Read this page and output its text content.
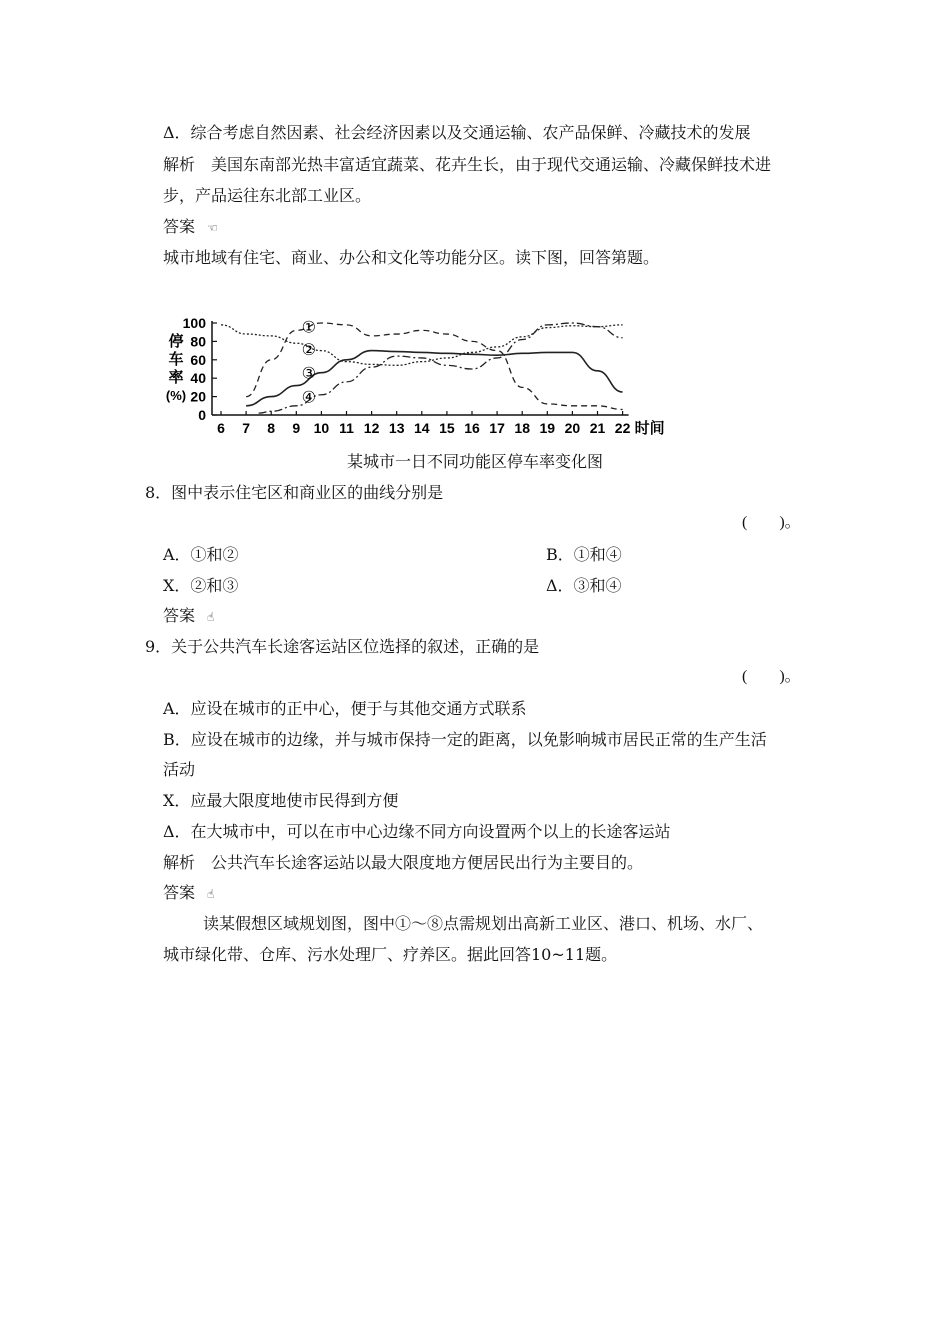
Δ．综合考虑自然因素、社会经济因素以及交通运输、农产品保鲜、冷藏技术的发展
解析　美国东南部光热丰富适宜蔬菜、花卉生长，由于现代交通运输、冷藏保鲜技术进
步，产品运往东北部工业区。
答案 ☜
城市地域有住宅、商业、办公和文化等功能分区。读下图，回答第题。
0
20
40
60
80
100
6 7 8 9 10 11 12 13 14 15 16 17 18 19 20 21 22
①
②
③
④
停
车
率
(%)
时间
某城市一日不同功能区停车率变化图
8．图中表示住宅区和商业区的曲线分别是
(　　)。
A．①和②	B．①和④
X．②和③	Δ．③和④
答案 ☝
9．关于公共汽车长途客运站区位选择的叙述，正确的是
(　　)。
A．应设在城市的正中心，便于与其他交通方式联系
B．应设在城市的边缘，并与城市保持一定的距离，以免影响城市居民正常的生产生活
活动
X．应最大限度地使市民得到方便
Δ．在大城市中，可以在市中心边缘不同方向设置两个以上的长途客运站
解析　公共汽车长途客运站以最大限度地方便居民出行为主要目的。
答案 ☝
读某假想区域规划图，图中①～⑧点需规划出高新工业区、港口、机场、水厂、
城市绿化带、仓库、污水处理厂、疗养区。据此回答10~11题。
